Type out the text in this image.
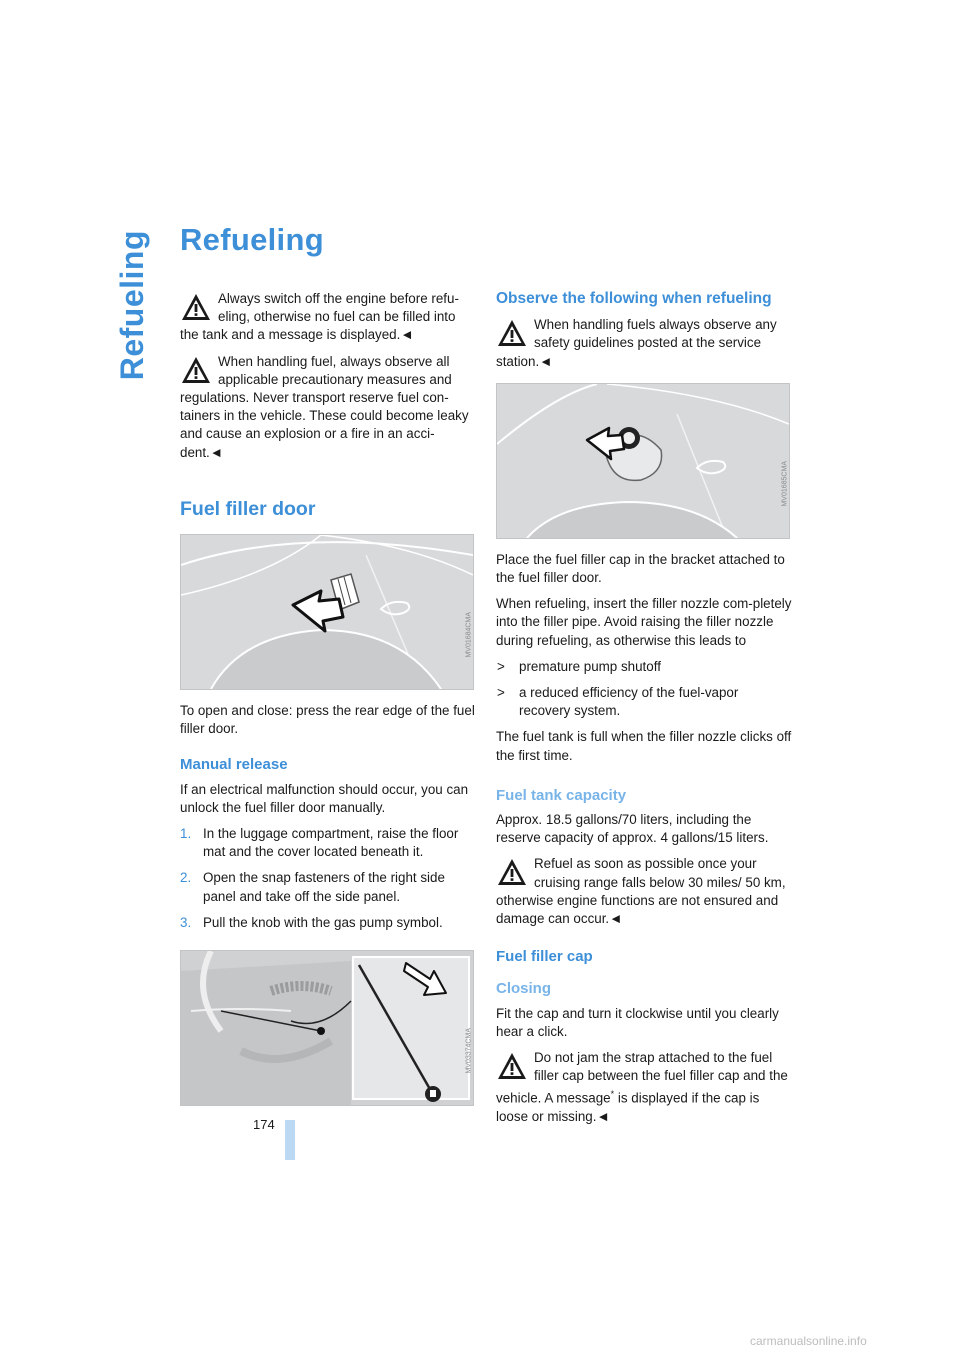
Refueling Refueling
Always switch off the engine before refu-eling, otherwise no fuel can be filled into the tank and a message is displayed.◄
When handling fuel, always observe all applicable precautionary measures and regulations. Never transport reserve fuel con-tainers in the vehicle. These could become leaky and cause an explosion or a fire in an acci-dent.◄
Fuel filler door
MV01684CMA

To open and close: press the rear edge of the fuel filler door.

Manual release

If an electrical malfunction should occur, you can unlock the fuel filler door manually.

1. In the luggage compartment, raise the floor mat and the cover located beneath it.
2. Open the snap fasteners of the right side panel and take off the side panel.
3. Pull the knob with the gas pump symbol.
MV03374CMA
Observe the following when refueling
When handling fuels always observe any safety guidelines posted at the service station.◄
MV01685CMA

Place the fuel filler cap in the bracket attached to the fuel filler door.

When refueling, insert the filler nozzle com-pletely into the filler pipe. Avoid raising the filler nozzle during refueling, as otherwise this leads to

> premature pump shutoff
> a reduced efficiency of the fuel-vapor recovery system.

The fuel tank is full when the filler nozzle clicks off the first time.

Fuel tank capacity

Approx. 18.5 gallons/70 liters, including the reserve capacity of approx. 4 gallons/15 liters.

Refuel as soon as possible once your cruising range falls below 30 miles/ 50 km, otherwise engine functions are not ensured and damage can occur.◄
Fuel filler cap
Closing

Fit the cap and turn it clockwise until you clearly hear a click.

Do not jam the strap attached to the fuel filler cap between the fuel filler cap and the vehicle. A message* is displayed if the cap is loose or missing.◄
174
carmanualsonline.info
